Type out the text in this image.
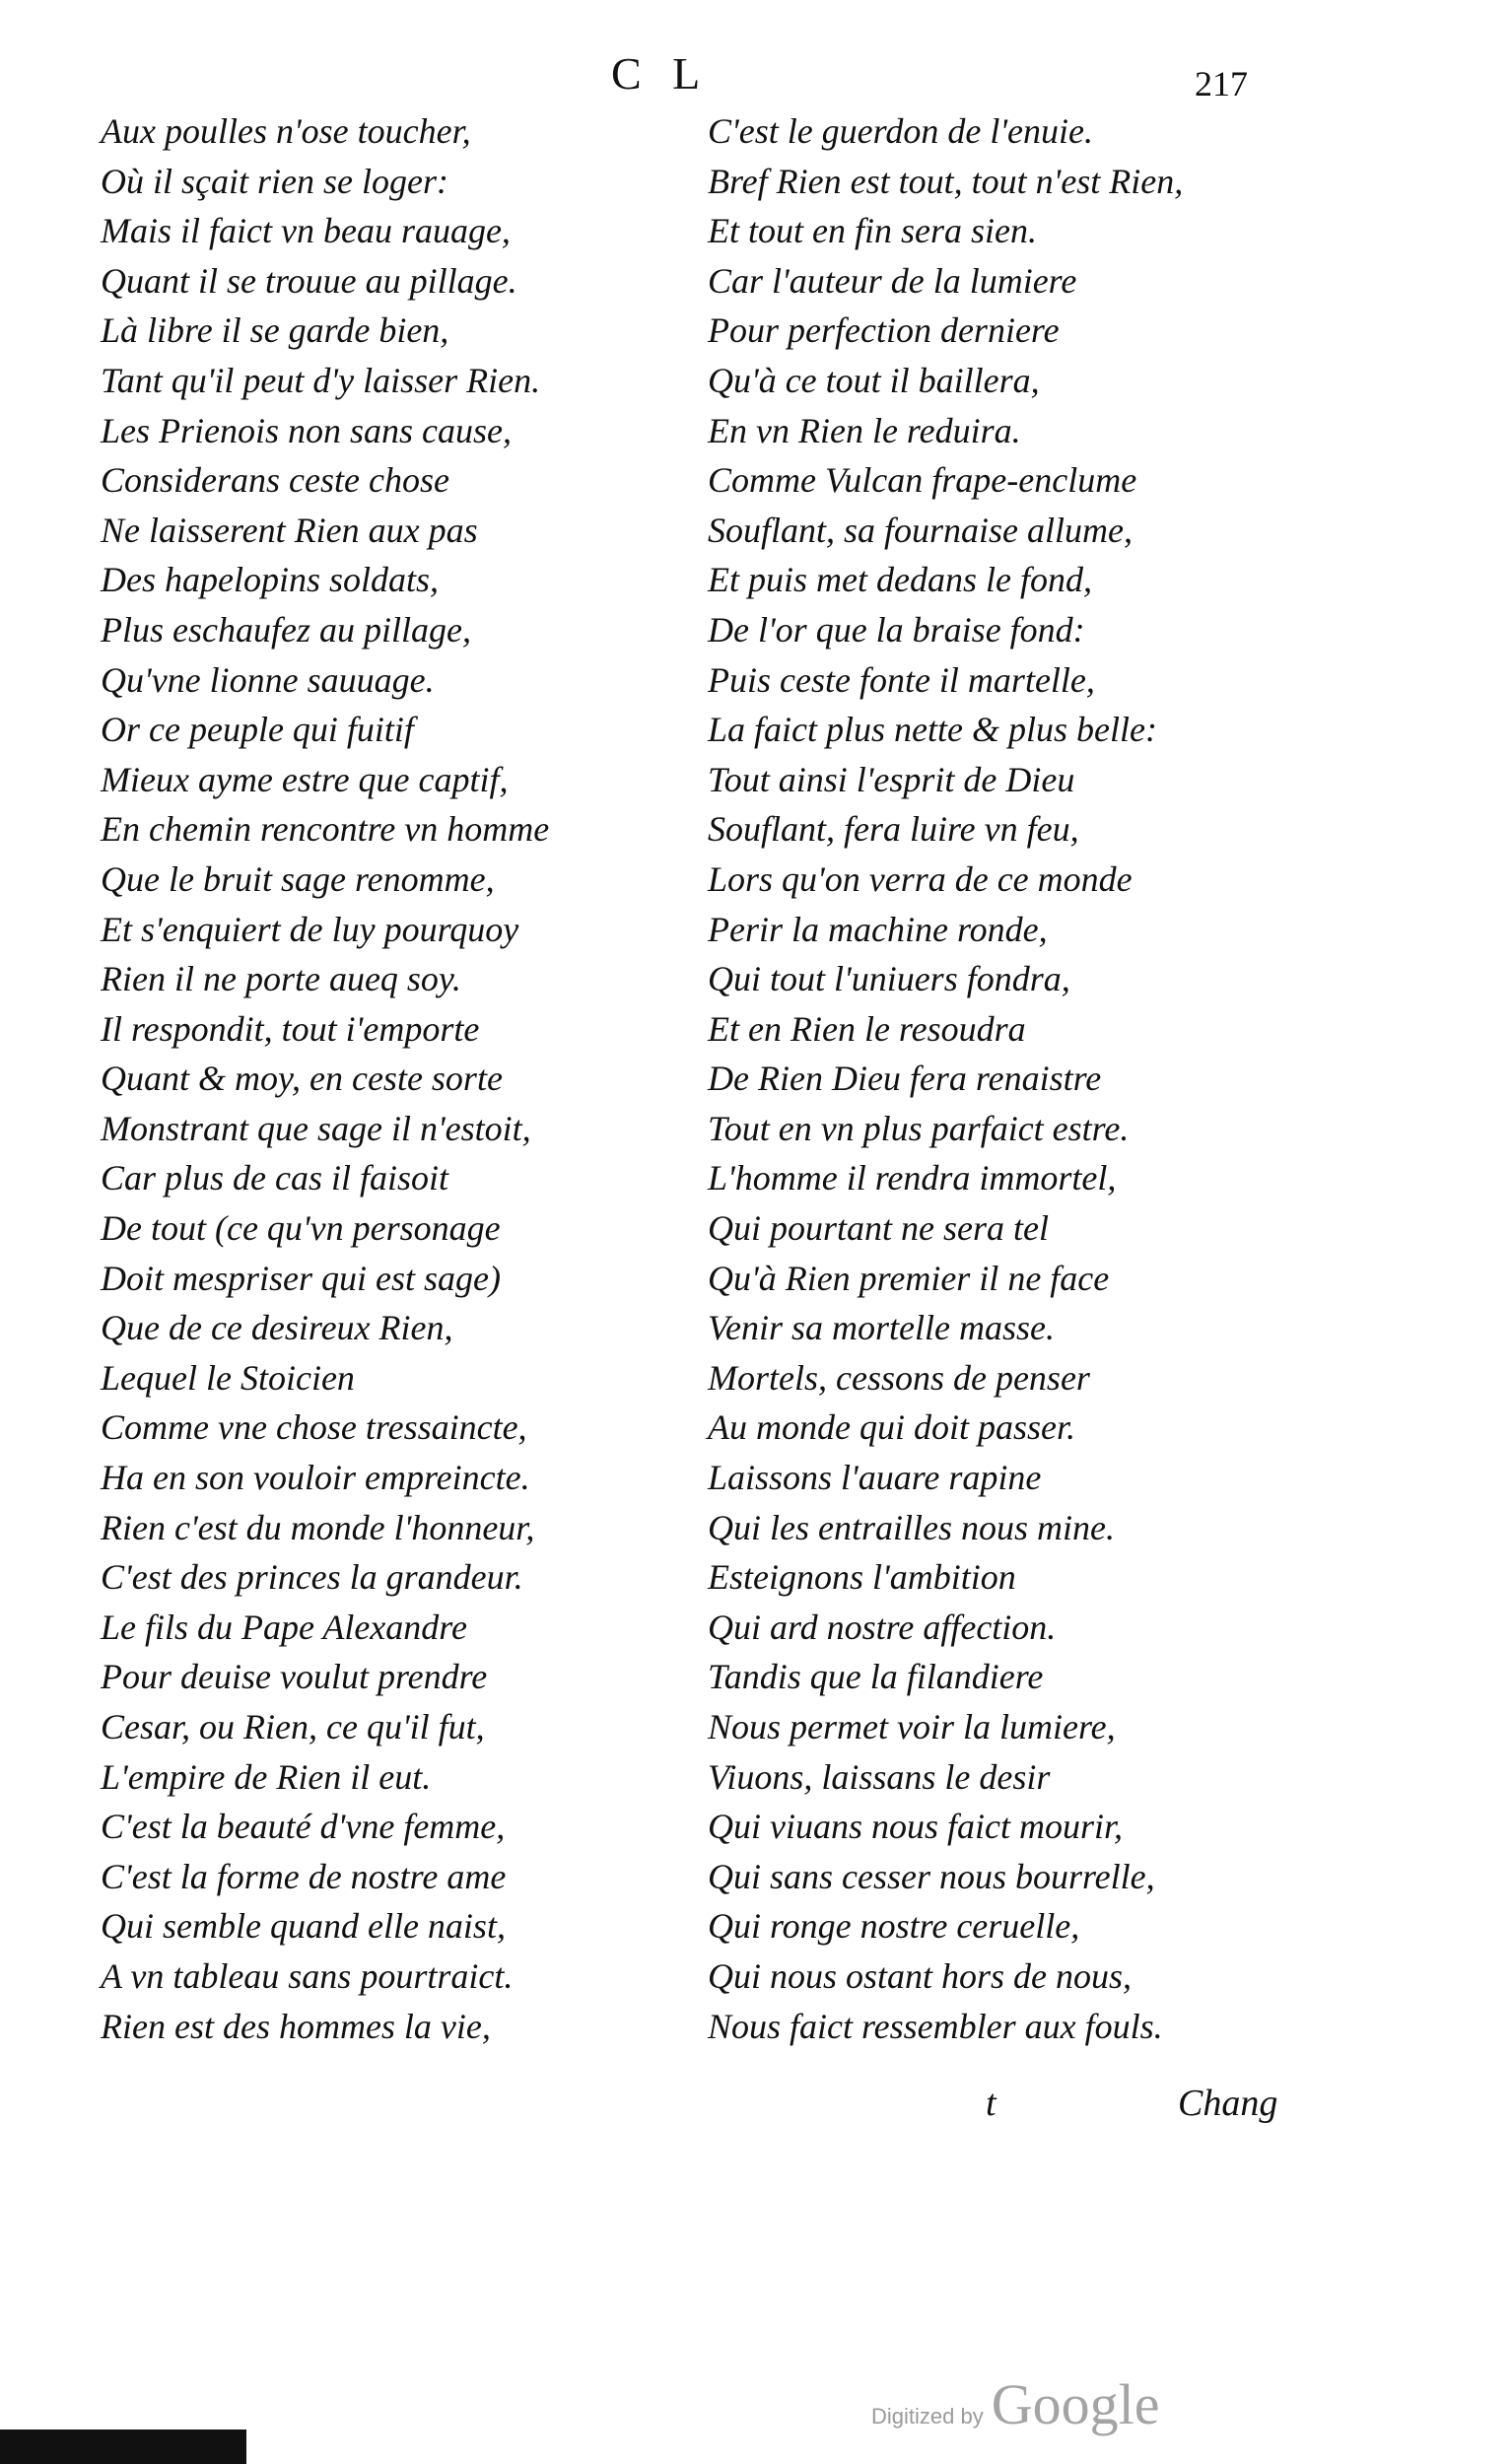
C L	217
Aux poulles n'ose toucher,
Où il sçait rien se loger:
Mais il faict vn beau rauage,
Quant il se trouue au pillage.
Là libre il se garde bien,
Tant qu'il peut d'y laisser Rien.
Les Prienois non sans cause,
Considerans ceste chose
Ne laisserent Rien aux pas
Des hapelopins soldats,
Plus eschaufez au pillage,
Qu'vne lionne sauuage.
Or ce peuple qui fuitif
Mieux ayme estre que captif,
En chemin rencontre vn homme
Que le bruit sage renomme,
Et s'enquiert de luy pourquoy
Rien il ne porte aueq soy.
Il respondit, tout i'emporte
Quant & moy, en ceste sorte
Monstrant que sage il n'estoit,
Car plus de cas il faisoit
De tout (ce qu'vn personage
Doit mespriser qui est sage)
Que de ce desireux Rien,
Lequel le Stoicien
Comme vne chose tressaincte,
Ha en son vouloir empreincte.
Rien c'est du monde l'honneur,
C'est des princes la grandeur.
Le fils du Pape Alexandre
Pour deuise voulut prendre
Cesar, ou Rien, ce qu'il fut,
L'empire de Rien il eut.
C'est la beauté d'vne femme,
C'est la forme de nostre ame
Qui semble quand elle naist,
A vn tableau sans pourtraict.
Rien est des hommes la vie,
C'est le guerdon de l'enuie.
Bref Rien est tout, tout n'est Rien,
Et tout en fin sera sien.
Car l'auteur de la lumiere
Pour perfection derniere
Qu'à ce tout il baillera,
En vn Rien le reduira.
Comme Vulcan frape-enclume
Souflant, sa fournaise allume,
Et puis met dedans le fond,
De l'or que la braise fond:
Puis ceste fonte il martelle,
La faict plus nette & plus belle:
Tout ainsi l'esprit de Dieu
Souflant, fera luire vn feu,
Lors qu'on verra de ce monde
Perir la machine ronde,
Qui tout l'uniuers fondra,
Et en Rien le resoudra
De Rien Dieu fera renaistre
Tout en vn plus parfaict estre.
L'homme il rendra immortel,
Qui pourtant ne sera tel
Qu'à Rien premier il ne face
Venir sa mortelle masse.
Mortels, cessons de penser
Au monde qui doit passer.
Laissons l'auare rapine
Qui les entrailles nous mine.
Esteignons l'ambition
Qui ard nostre affection.
Tandis que la filandiere
Nous permet voir la lumiere,
Viuons, laissans le desir
Qui viuans nous faict mourir,
Qui sans cesser nous bourrelle,
Qui ronge nostre ceruelle,
Qui nous ostant hors de nous,
Nous faict ressembler aux fouls.
t	Chang
Digitized by Google
